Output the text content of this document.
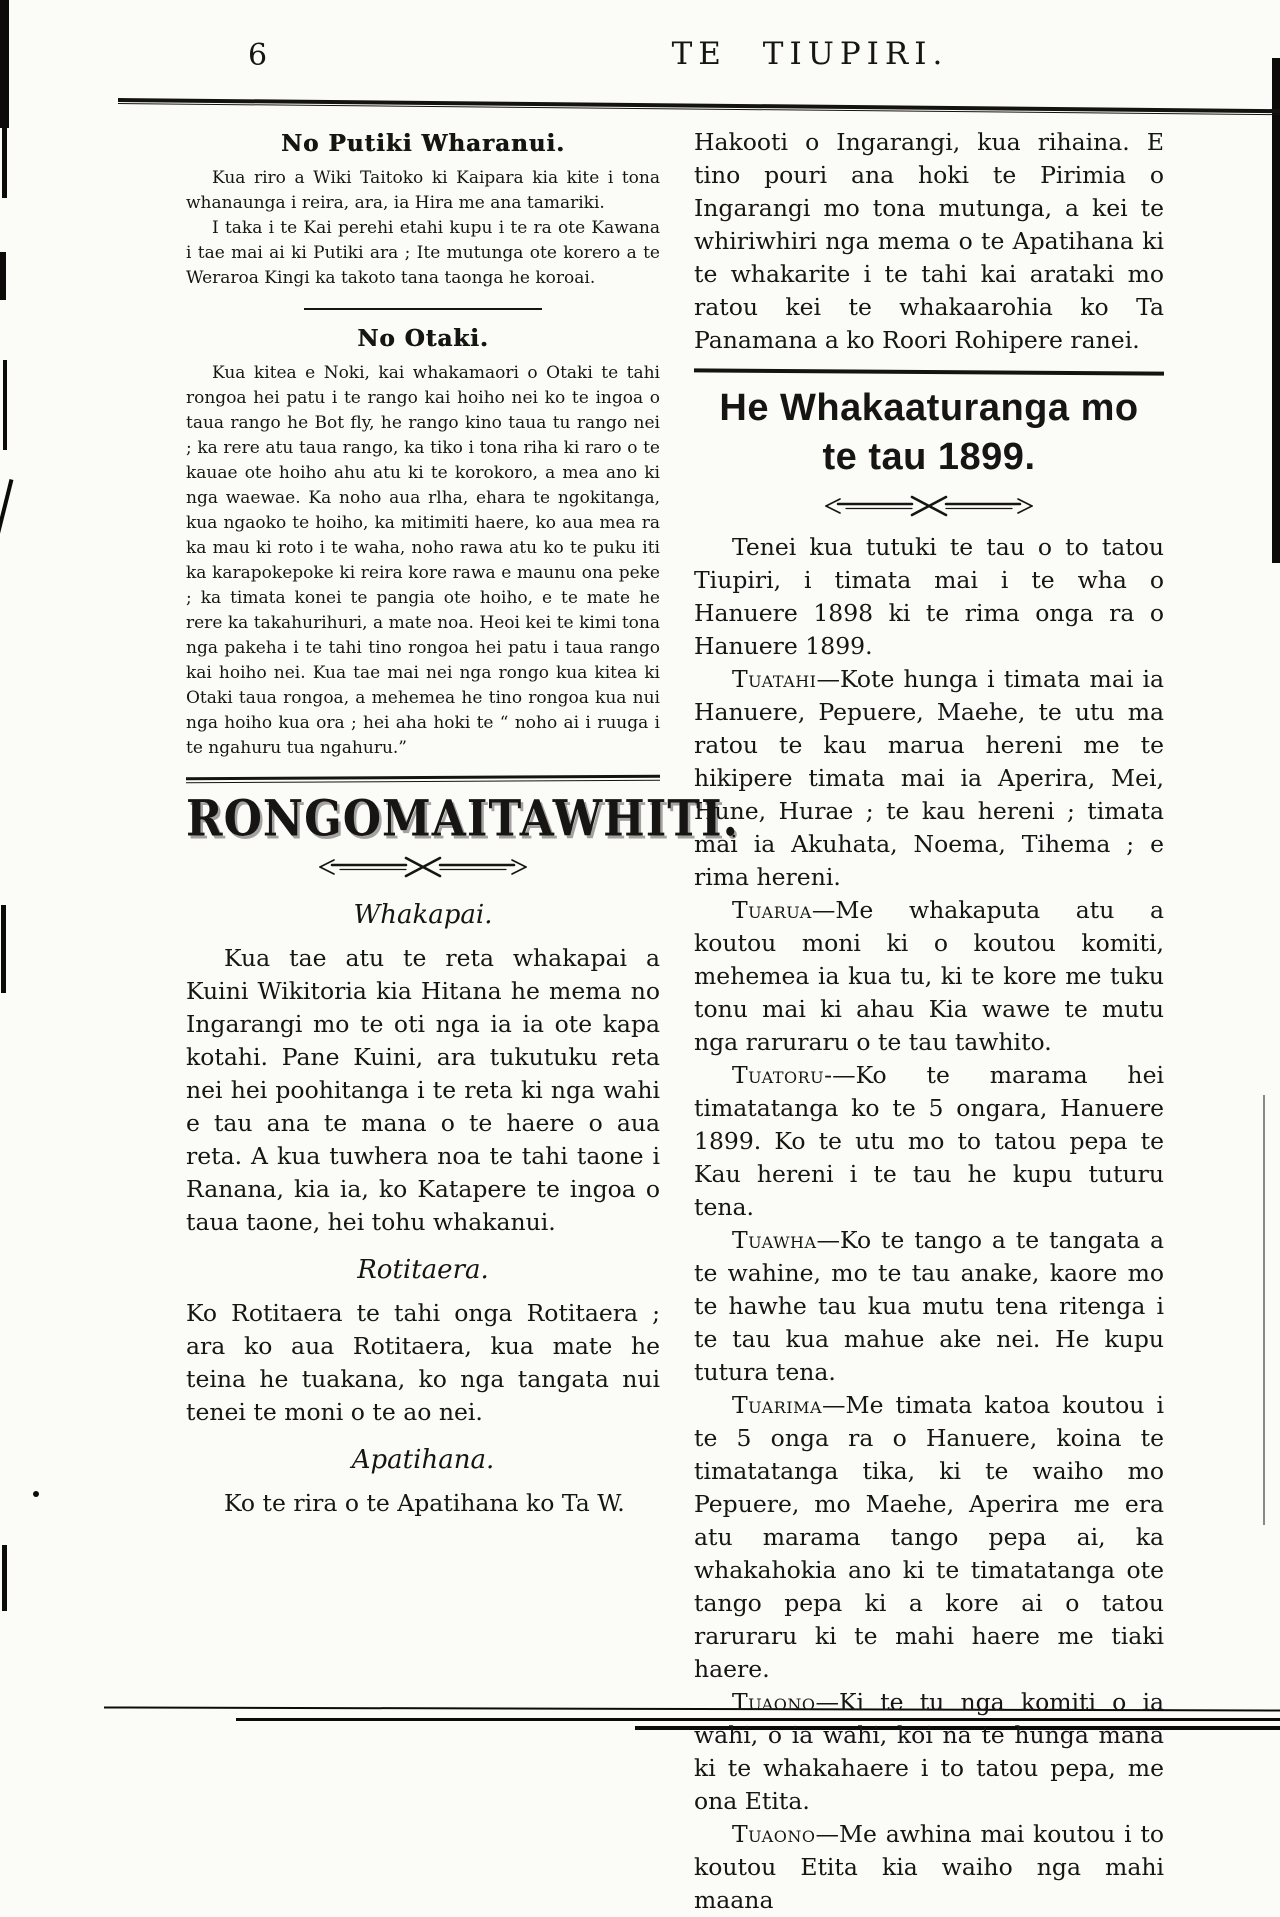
6	TE TIUPIRI.
No Putiki Wharanui.

Kua riro a Wiki Taitoko ki Kaipara kia kite i tona whanaunga i reira, ara, ia Hira me ana tamariki.

I taka i te Kai perehi etahi kupu i te ra ote Kawana i tae mai ai ki Putiki ara ; Ite mutunga ote korero a te Weraroa Kingi ka takoto tana taonga he koroai.

No Otaki.

Kua kitea e Noki, kai whakamaori o Otaki te tahi rongoa hei patu i te rango kai hoiho nei ko te ingoa o taua rango he Bot fly, he rango kino taua tu rango nei ; ka rere atu taua rango, ka tiko i tona riha ki raro o te kauae ote hoiho ahu atu ki te korokoro, a mea ano ki nga waewae. Ka noho aua rlha, ehara te ngokitanga, kua ngaoko te hoiho, ka mitimiti haere, ko aua mea ra ka mau ki roto i te waha, noho rawa atu ko te puku iti ka karapokepoke ki reira kore rawa e maunu ona peke ; ka timata konei te pangia ote hoiho, e te mate he rere ka takahurihuri, a mate noa. Heoi kei te kimi tona nga pakeha i te tahi tino rongoa hei patu i taua rango kai hoiho nei. Kua tae mai nei nga rongo kua kitea ki Otaki taua rongoa, a mehemea he tino rongoa kua nui nga hoiho kua ora ; hei aha hoki te “ noho ai i ruuga i te ngahuru tua ngahuru.”

RONGOMAITAWHITI.
Whakapai.

Kua tae atu te reta whakapai a Kuini Wikitoria kia Hitana he mema no Ingarangi mo te oti nga ia ia ote kapa kotahi. Pane Kuini, ara tukutuku reta nei hei poohitanga i te reta ki nga wahi e tau ana te mana o te haere o aua reta. A kua tuwhera noa te tahi taone i Ranana, kia ia, ko Katapere te ingoa o taua taone, hei tohu whakanui.

Rotitaera.

Ko Rotitaera te tahi onga Rotitaera ; ara ko aua Rotitaera, kua mate he teina he tuakana, ko nga tangata nui tenei te moni o te ao nei.

Apatihana.

Ko te rira o te Apatihana ko Ta W.

Hakooti o Ingarangi, kua rihaina. E tino pouri ana hoki te Pirimia o Ingarangi mo tona mutunga, a kei te whiriwhiri nga mema o te Apatihana ki te whakarite i te tahi kai arataki mo ratou kei te whakaarohia ko Ta Panamana a ko Roori Rohipere ranei.

He Whakaaturanga mo
te tau 1899.

Tenei kua tutuki te tau o to tatou Tiupiri, i timata mai i te wha o Hanuere 1898 ki te rima onga ra o Hanuere 1899.

Tuatahi—Kote hunga i timata mai ia Hanuere, Pepuere, Maehe, te utu ma ratou te kau marua hereni me te hikipere timata mai ia Aperira, Mei, Hune, Hurae ; te kau hereni ; timata mai ia Akuhata, Noema, Tihema ; e rima hereni.

Tuarua—Me whakaputa atu a koutou moni ki o koutou komiti, mehemea ia kua tu, ki te kore me tuku tonu mai ki ahau Kia wawe te mutu nga raruraru o te tau tawhito.

Tuatoru-—Ko te marama hei timatatanga ko te 5 ongara, Hanuere 1899. Ko te utu mo to tatou pepa te Kau hereni i te tau he kupu tuturu tena.

Tuawha—Ko te tango a te tangata a te wahine, mo te tau anake, kaore mo te hawhe tau kua mutu tena ritenga i te tau kua mahue ake nei. He kupu tutura tena.

Tuarima—Me timata katoa koutou i te 5 onga ra o Hanuere, koina te timatatanga tika, ki te waiho mo Pepuere, mo Maehe, Aperira me era atu marama tango pepa ai, ka whakahokia ano ki te timatatanga ote tango pepa ki a kore ai o tatou raruraru ki te mahi haere me tiaki haere.

Tuaono—Ki te tu nga komiti o ia wahi, o ia wahi, koi na te hunga mana ki te whakahaere i to tatou pepa, me ona Etita.

Tuaono—Me awhina mai koutou i to koutou Etita kia waiho nga mahi maana
